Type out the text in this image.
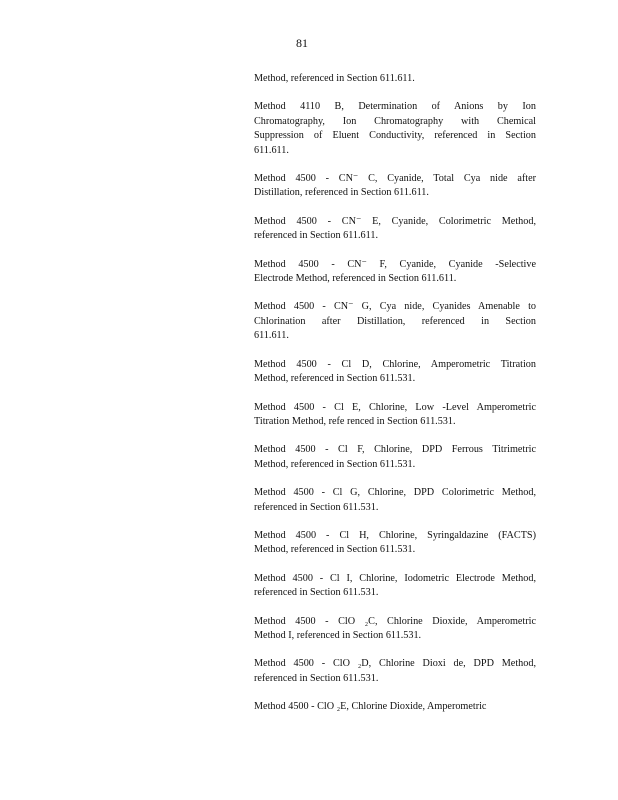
81
Method, referenced in Section 611.611.
Method 4110 B, Determination of Anions by Ion
Chromatography, Ion Chromatography with Chemical
Suppression of Eluent Conductivity, referenced in Section
611.611.
Method 4500 - CN⁻ C, Cyanide, Total Cya nide after
Distillation, referenced in Section 611.611.
Method 4500 - CN⁻ E, Cyanide, Colorimetric Method,
referenced in Section 611.611.
Method 4500 - CN⁻ F, Cyanide, Cyanide -Selective
Electrode Method, referenced in Section 611.611.
Method 4500 - CN⁻ G, Cya nide, Cyanides Amenable to
Chlorination after Distillation, referenced in Section
611.611.
Method 4500 - Cl D, Chlorine, Amperometric Titration
Method, referenced in Section 611.531.
Method 4500 - Cl E, Chlorine, Low -Level Amperometric
Titration Method, refe renced in Section 611.531.
Method 4500 - Cl F, Chlorine, DPD Ferrous Titrimetric
Method, referenced in Section 611.531.
Method 4500 - Cl G, Chlorine, DPD Colorimetric Method,
referenced in Section 611.531.
Method 4500 - Cl H, Chlorine, Syringaldazine (FACTS)
Method, referenced in Section 611.531.
Method 4500 - Cl I, Chlorine, Iodometric Electrode Method,
referenced in Section 611.531.
Method 4500 - ClO ₂C, Chlorine Dioxide, Amperometric
Method I, referenced in Section 611.531.
Method 4500 - ClO ₂D, Chlorine Dioxi de, DPD Method,
referenced in Section 611.531.
Method 4500 - ClO ₂E, Chlorine Dioxide, Amperometric
